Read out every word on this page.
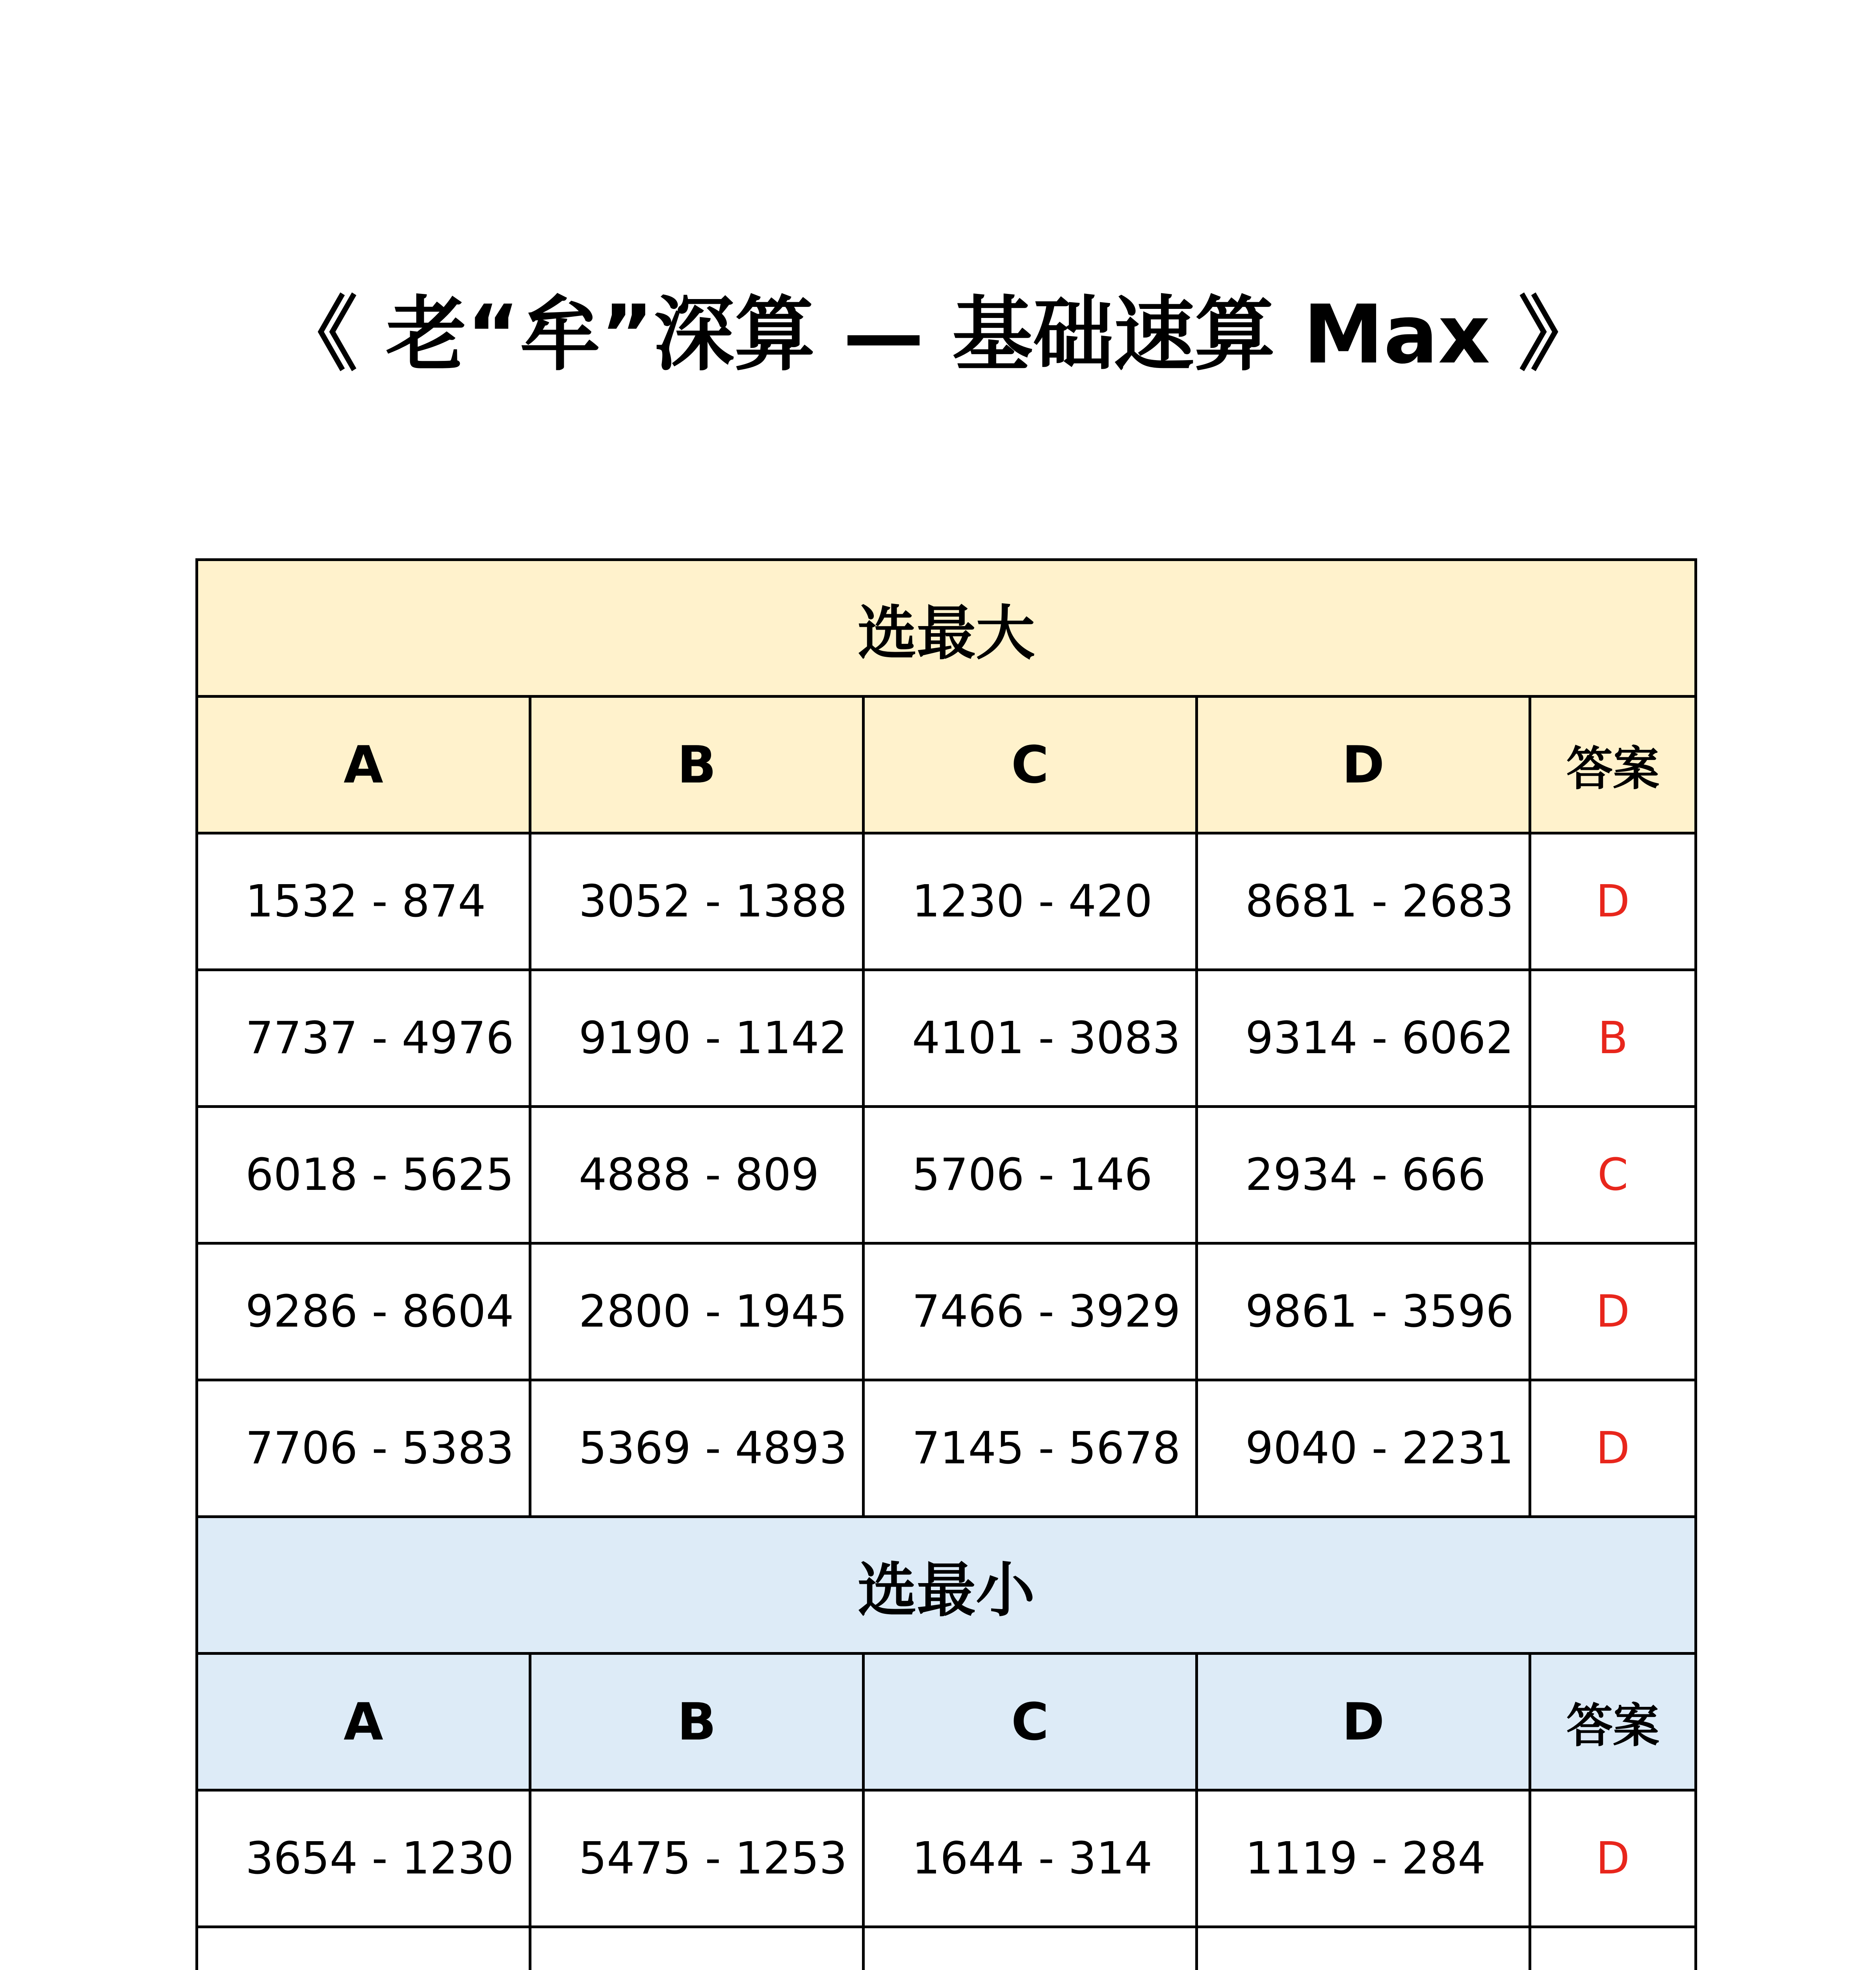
《 老“牟”深算 — 基础速算 Max 》
选最大				
A	B	C	D	答案
1532 - 874	3052 - 1388	1230 - 420	8681 - 2683	D
7737 - 4976	9190 - 1142	4101 - 3083	9314 - 6062	B
6018 - 5625	4888 - 809	5706 - 146	2934 - 666	C
9286 - 8604	2800 - 1945	7466 - 3929	9861 - 3596	D
7706 - 5383	5369 - 4893	7145 - 5678	9040 - 2231	D
选最小				
A	B	C	D	答案
3654 - 1230	5475 - 1253	1644 - 314	1119 - 284	D
